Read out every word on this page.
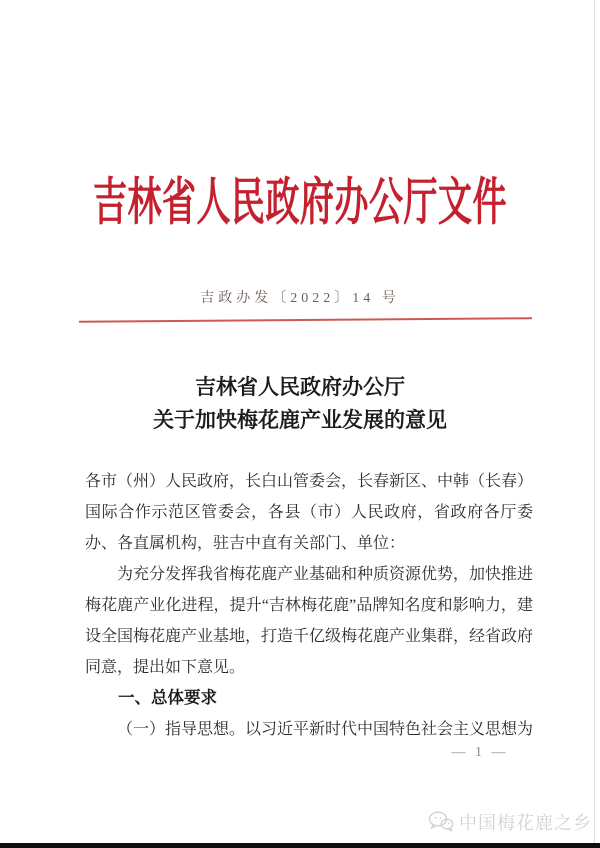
吉林省人民政府办公厅文件
吉政办发〔2022〕14 号
吉林省人民政府办公厅
关于加快梅花鹿产业发展的意见

各市（州）人民政府，长白山管委会，长春新区、中韩（长春）国际合作示范区管委会，各县（市）人民政府，省政府各厅委办、各直属机构，驻吉中直有关部门、单位：

为充分发挥我省梅花鹿产业基础和种质资源优势，加快推进梅花鹿产业化进程，提升“吉林梅花鹿”品牌知名度和影响力，建设全国梅花鹿产业基地，打造千亿级梅花鹿产业集群，经省政府同意，提出如下意见。

一、总体要求

（一）指导思想。以习近平新时代中国特色社会主义思想为

— 1 —
中国梅花鹿之乡
